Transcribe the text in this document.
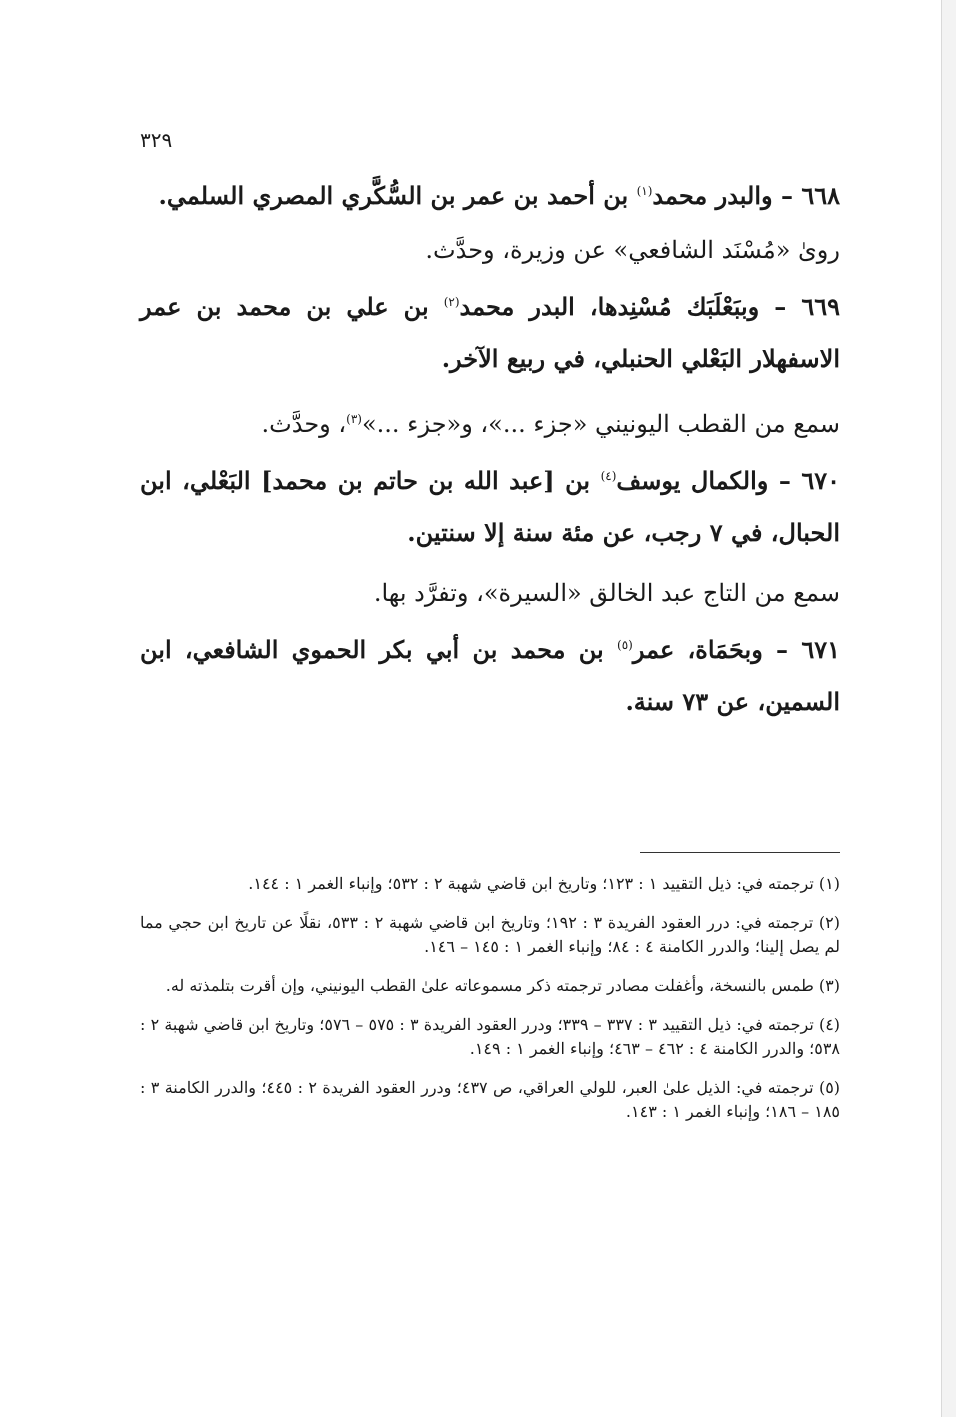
٣٢٩

٦٦٨ – والبدر محمد$^{(١)}$ بن أحمد بن عمر بن السُّكَّري المصري السلمي.

روىٰ «مُسْنَد الشافعي» عن وزيرة، وحدَّث.

٦٦٩ – وببَعْلَبَك مُسْنِدها، البدر محمد$^{(٢)}$ بن علي بن محمد بن عمر الاسفهلار البَعْلي الحنبلي، في ربيع الآخر.

سمع من القطب اليونيني «جزء ...»، و«جزء ...»$^{(٣)}$، وحدَّث.

٦٧٠ – والكمال يوسف$^{(٤)}$ بن [عبد الله بن حاتم بن محمد] البَعْلي، ابن الحبال، في ٧ رجب، عن مئة سنة إلا سنتين.

سمع من التاج عبد الخالق «السيرة»، وتفرَّد بها.

٦٧١ – وبحَمَاة، عمر$^{(٥)}$ بن محمد بن أبي بكر الحموي الشافعي، ابن السمين، عن ٧٣ سنة.

(١) ترجمته في: ذيل التقييد ١ : ١٢٣؛ وتاريخ ابن قاضي شهبة ٢ : ٥٣٢؛ وإنباء الغمر ١ : ١٤٤.

(٢) ترجمته في: درر العقود الفريدة ٣ : ١٩٢؛ وتاريخ ابن قاضي شهبة ٢ : ٥٣٣، نقلًا عن تاريخ ابن حجي مما لم يصل إلينا؛ والدرر الكامنة ٤ : ٨٤؛ وإنباء الغمر ١ : ١٤٥ – ١٤٦.

(٣) طمس بالنسخة، وأغفلت مصادر ترجمته ذكر مسموعاته علىٰ القطب اليونيني، وإن أقرت بتلمذته له.

(٤) ترجمته في: ذيل التقييد ٣ : ٣٣٧ – ٣٣٩؛ ودرر العقود الفريدة ٣ : ٥٧٥ – ٥٧٦؛ وتاريخ ابن قاضي شهبة ٢ : ٥٣٨؛ والدرر الكامنة ٤ : ٤٦٢ – ٤٦٣؛ وإنباء الغمر ١ : ١٤٩.

(٥) ترجمته في: الذيل علىٰ العبر، للولي العراقي، ص ٤٣٧؛ ودرر العقود الفريدة ٢ : ٤٤٥؛ والدرر الكامنة ٣ : ١٨٥ – ١٨٦؛ وإنباء الغمر ١ : ١٤٣.
